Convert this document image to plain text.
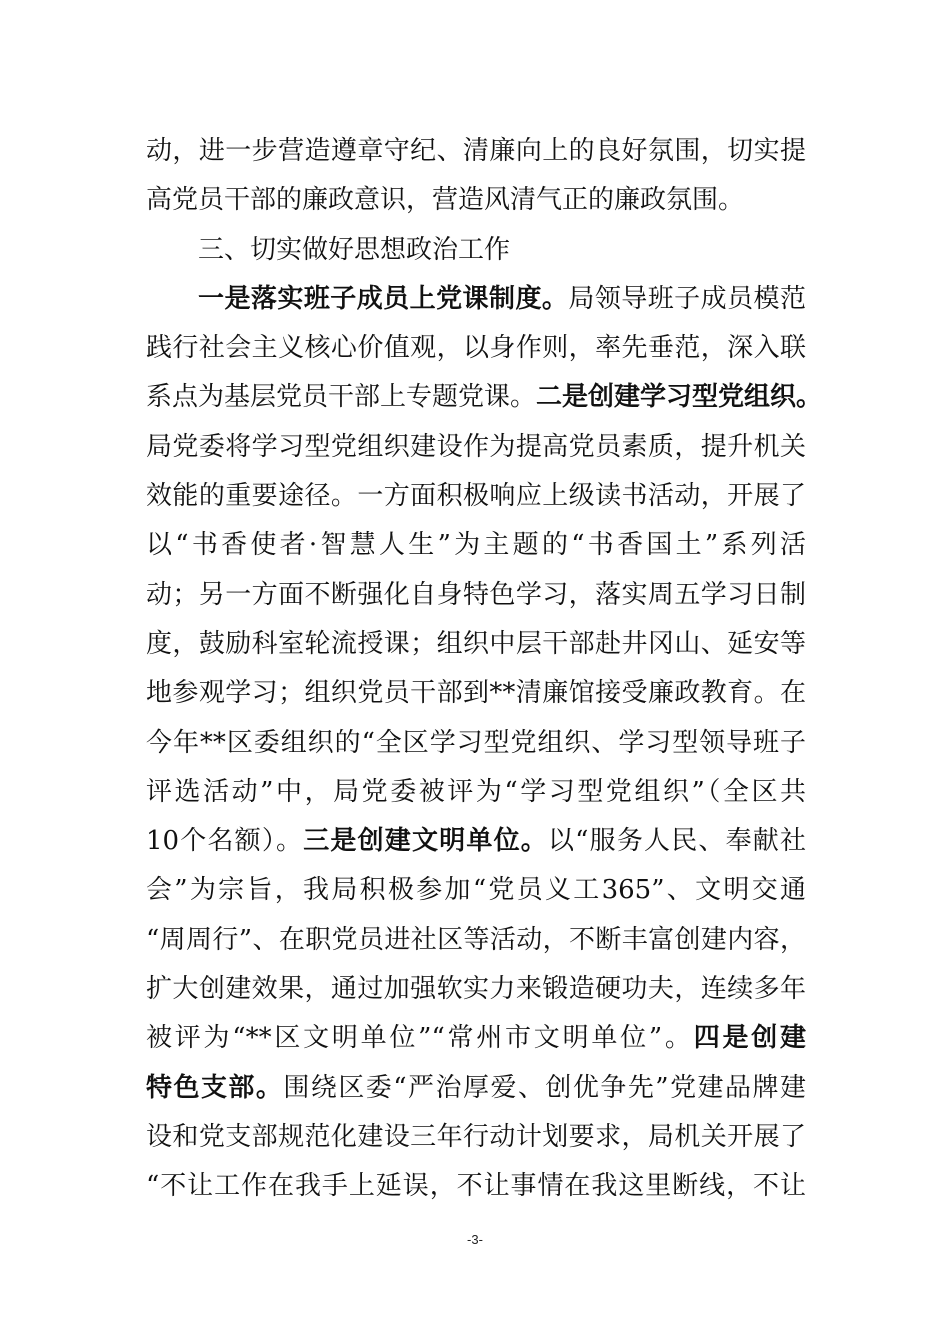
动，进一步营造遵章守纪、清廉向上的良好氛围，切实提
高党员干部的廉政意识，营造风清气正的廉政氛围。
三、切实做好思想政治工作
一是落实班子成员上党课制度。局领导班子成员模范
践行社会主义核心价值观，以身作则，率先垂范，深入联
系点为基层党员干部上专题党课。二是创建学习型党组织。
局党委将学习型党组织建设作为提高党员素质，提升机关
效能的重要途径。一方面积极响应上级读书活动，开展了
以“书香使者·智慧人生”为主题的“书香国土”系列活
动；另一方面不断强化自身特色学习，落实周五学习日制
度，鼓励科室轮流授课；组织中层干部赴井冈山、延安等
地参观学习；组织党员干部到**清廉馆接受廉政教育。在
今年**区委组织的“全区学习型党组织、学习型领导班子
评选活动”中，局党委被评为“学习型党组织”（全区共
10个名额）。三是创建文明单位。以“服务人民、奉献社
会”为宗旨，我局积极参加“党员义工365”、文明交通
“周周行”、在职党员进社区等活动，不断丰富创建内容，
扩大创建效果，通过加强软实力来锻造硬功夫，连续多年
被评为“**区文明单位”“常州市文明单位”。四是创建
特色支部。围绕区委“严治厚爱、创优争先”党建品牌建
设和党支部规范化建设三年行动计划要求，局机关开展了
“不让工作在我手上延误，不让事情在我这里断线，不让
-3-
